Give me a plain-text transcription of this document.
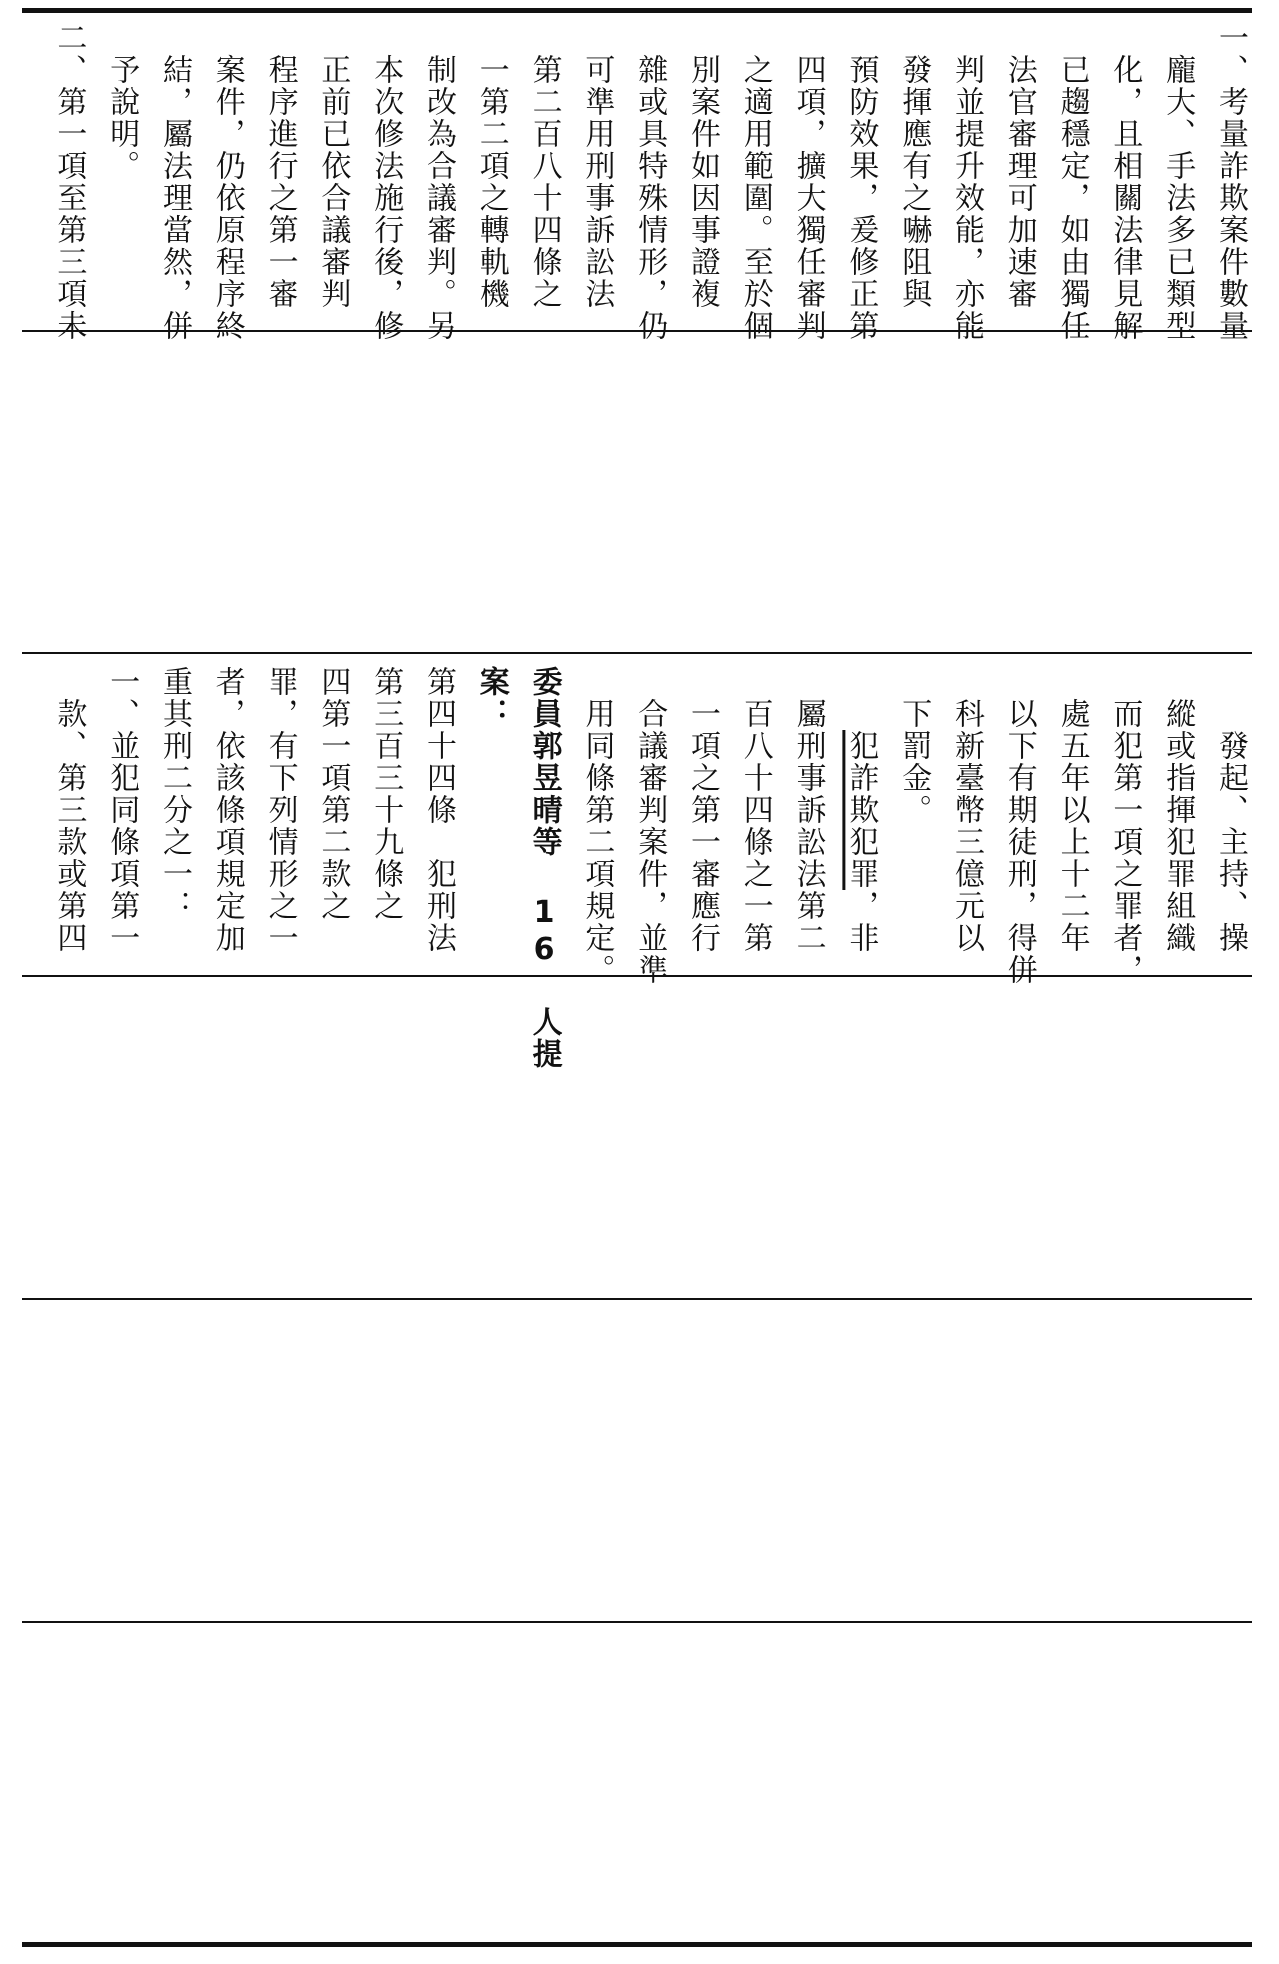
一、考量詐欺案件數量
龐大、手法多已類型
化，且相關法律見解
已趨穩定，如由獨任
法官審理可加速審
判並提升效能，亦能
發揮應有之嚇阻與
預防效果，爰修正第
四項，擴大獨任審判
之適用範圍。至於個
別案件如因事證複
雜或具特殊情形，仍
可準用刑事訴訟法
第二百八十四條之
一第二項之轉軌機
制改為合議審判。另
本次修法施行後，修
正前已依合議審判
程序進行之第一審
案件，仍依原程序終
結，屬法理當然，併
予說明。
二、第一項至第三項未
發起、主持、操
縱或指揮犯罪組織
而犯第一項之罪者，
處五年以上十二年
以下有期徒刑，得併
科新臺幣三億元以
下罰金。
犯詐欺犯罪，非
屬刑事訴訟法第二
百八十四條之一第
一項之第一審應行
合議審判案件，並準
用同條第二項規定。
委員郭昱晴等 16 人提
案：
第四十四條　犯刑法
第三百三十九條之
四第一項第二款之
罪，有下列情形之一
者，依該條項規定加
重其刑二分之一：
一、並犯同條項第一
款、第三款或第四
